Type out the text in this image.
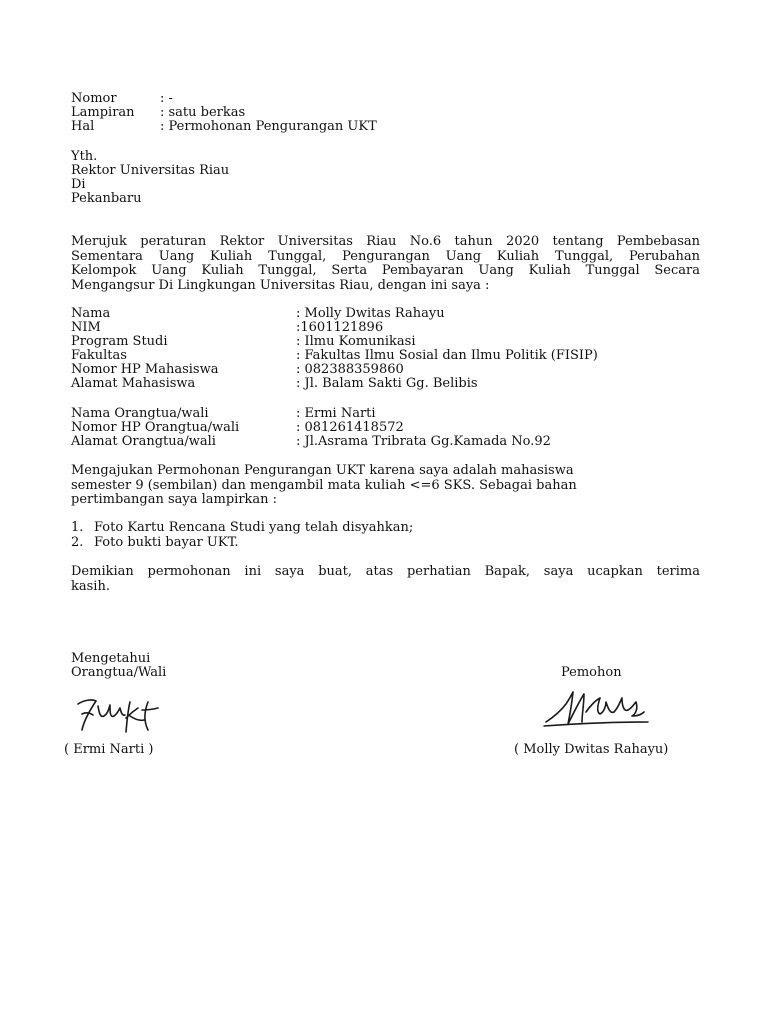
Nomor	: -
Lampiran : satu berkas
Hal	: Permohonan Pengurangan UKT
Yth.
Rektor Universitas Riau
Di
Pekanbaru
Merujuk peraturan Rektor Universitas Riau No.6 tahun 2020 tentang Pembebasan
Sementara Uang Kuliah Tunggal, Pengurangan Uang Kuliah Tunggal, Perubahan
Kelompok Uang Kuliah Tunggal, Serta Pembayaran Uang Kuliah Tunggal Secara
Mengangsur Di Lingkungan Universitas Riau, dengan ini saya :
Nama	: Molly Dwitas Rahayu
NIM	:1601121896
Program Studi	: Ilmu Komunikasi
Fakultas	: Fakultas Ilmu Sosial dan Ilmu Politik (FISIP)
Nomor HP Mahasiswa	: 082388359860
Alamat Mahasiswa	: Jl. Balam Sakti Gg. Belibis
Nama Orangtua/wali	: Ermi Narti
Nomor HP Orangtua/wali	: 081261418572
Alamat Orangtua/wali	: Jl.Asrama Tribrata Gg.Kamada No.92
Mengajukan Permohonan Pengurangan UKT karena saya adalah mahasiswa
semester 9 (sembilan) dan mengambil mata kuliah <=6 SKS. Sebagai bahan
pertimbangan saya lampirkan :
1. Foto Kartu Rencana Studi yang telah disyahkan;
2. Foto bukti bayar UKT.
Demikian permohonan ini saya buat, atas perhatian Bapak, saya ucapkan terima
kasih.
Mengetahui
Orangtua/Wali
( Ermi Narti )
Pemohon
( Molly Dwitas Rahayu)
